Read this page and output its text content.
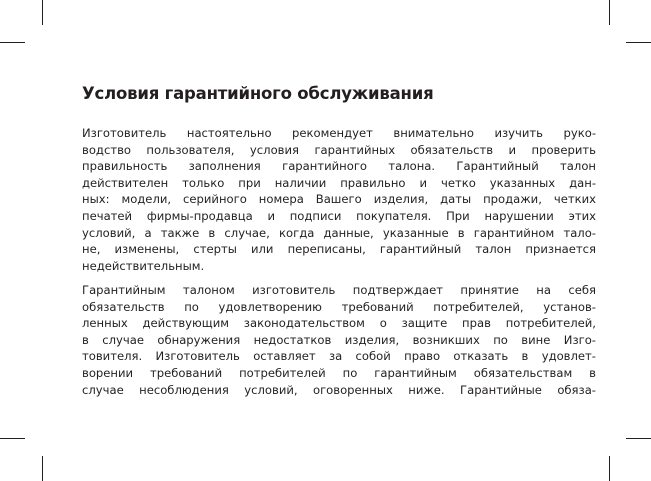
Условия гарантийного обслуживания
Изготовитель настоятельно рекомендует внимательно изучить руко-
водство пользователя, условия гарантийных обязательств и проверить
правильность заполнения гарантийного талона. Гарантийный талон
действителен только при наличии правильно и четко указанных дан-
ных: модели, серийного номера Вашего изделия, даты продажи, четких
печатей фирмы-продавца и подписи покупателя. При нарушении этих
условий, а также в случае, когда данные, указанные в гарантийном тало-
не, изменены, стерты или переписаны, гарантийный талон признается
недействительным.
Гарантийным талоном изготовитель подтверждает принятие на себя
обязательств по удовлетворению требований потребителей, установ-
ленных действующим законодательством о защите прав потребителей,
в случае обнаружения недостатков изделия, возникших по вине Изго-
товителя. Изготовитель оставляет за собой право отказать в удовлет-
ворении требований потребителей по гарантийным обязательствам в
случае несоблюдения условий, оговоренных ниже. Гарантийные обяза-
